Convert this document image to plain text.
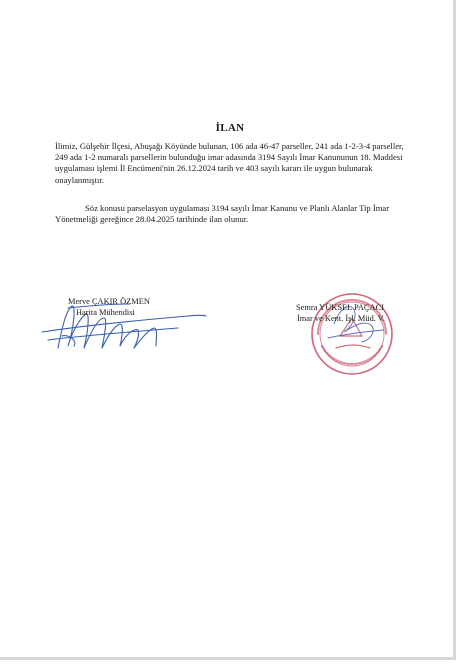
İLAN

İlimiz, Gülşehir İlçesi, Abuşağı Köyünde bulunan, 106 ada 46-47 parseller, 241 ada 1-2-3-4 parseller, 249 ada 1-2 numaralı parsellerin bulunduğu imar adasında 3194 Sayılı İmar Kanununun 18. Maddesi uygulaması işlemi İl Encümeni'nin 26.12.2024 tarih ve 403 sayılı kararı ile uygun bulunarak onaylanmıştır.

Söz konusu parselasyon uygulaması 3194 sayılı İmar Kanunu ve Planlı Alanlar Tip İmar Yönetmeliği gereğince 28.04.2025 tarihinde ilan olunur.

Merve ÇAKIR ÖZMEN
Harita Mühendisi
Semra YÜKSEL PAÇACI
İmar ve Kent. İşl. Müd. V.
